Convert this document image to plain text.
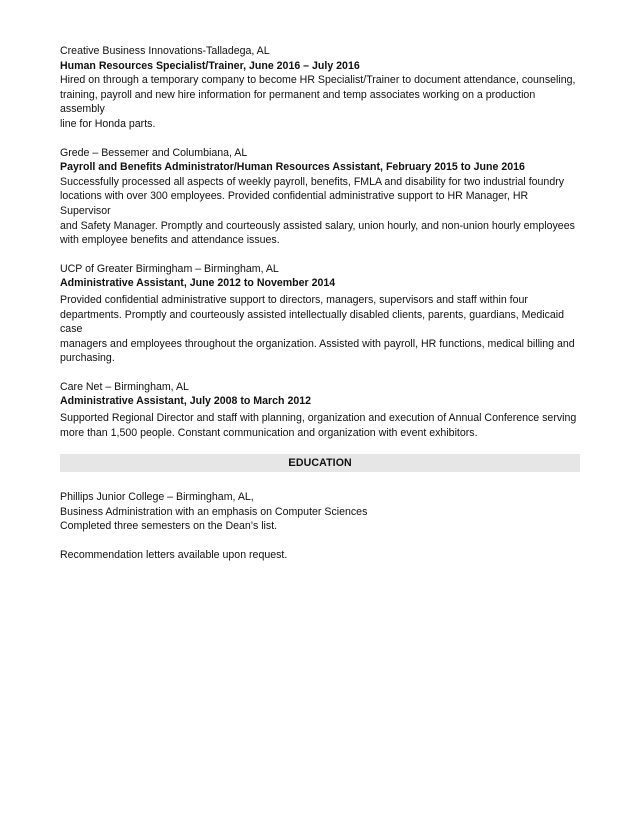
Creative Business Innovations-Talladega, AL

Human Resources Specialist/Trainer, June 2016 – July 2016

Hired on through a temporary company to become HR Specialist/Trainer to document attendance, counseling,

training, payroll and new hire information for permanent and temp associates working on a production assembly

line for Honda parts.

Grede – Bessemer and Columbiana, AL

Payroll and Benefits Administrator/Human Resources Assistant, February 2015 to June 2016

Successfully processed all aspects of weekly payroll, benefits, FMLA and disability for two industrial foundry

locations with over 300 employees. Provided confidential administrative support to HR Manager, HR Supervisor

and Safety Manager. Promptly and courteously assisted salary, union hourly, and non-union hourly employees

with employee benefits and attendance issues.

UCP of Greater Birmingham – Birmingham, AL

Administrative Assistant, June 2012 to November 2014

Provided confidential administrative support to directors, managers, supervisors and staff within four

departments. Promptly and courteously assisted intellectually disabled clients, parents, guardians, Medicaid case

managers and employees throughout the organization. Assisted with payroll, HR functions, medical billing and

purchasing.

Care Net – Birmingham, AL

Administrative Assistant, July 2008 to March 2012

Supported Regional Director and staff with planning, organization and execution of Annual Conference serving

more than 1,500 people. Constant communication and organization with event exhibitors.

EDUCATION

Phillips Junior College – Birmingham, AL,

Business Administration with an emphasis on Computer Sciences

Completed three semesters on the Dean’s list.

Recommendation letters available upon request.
